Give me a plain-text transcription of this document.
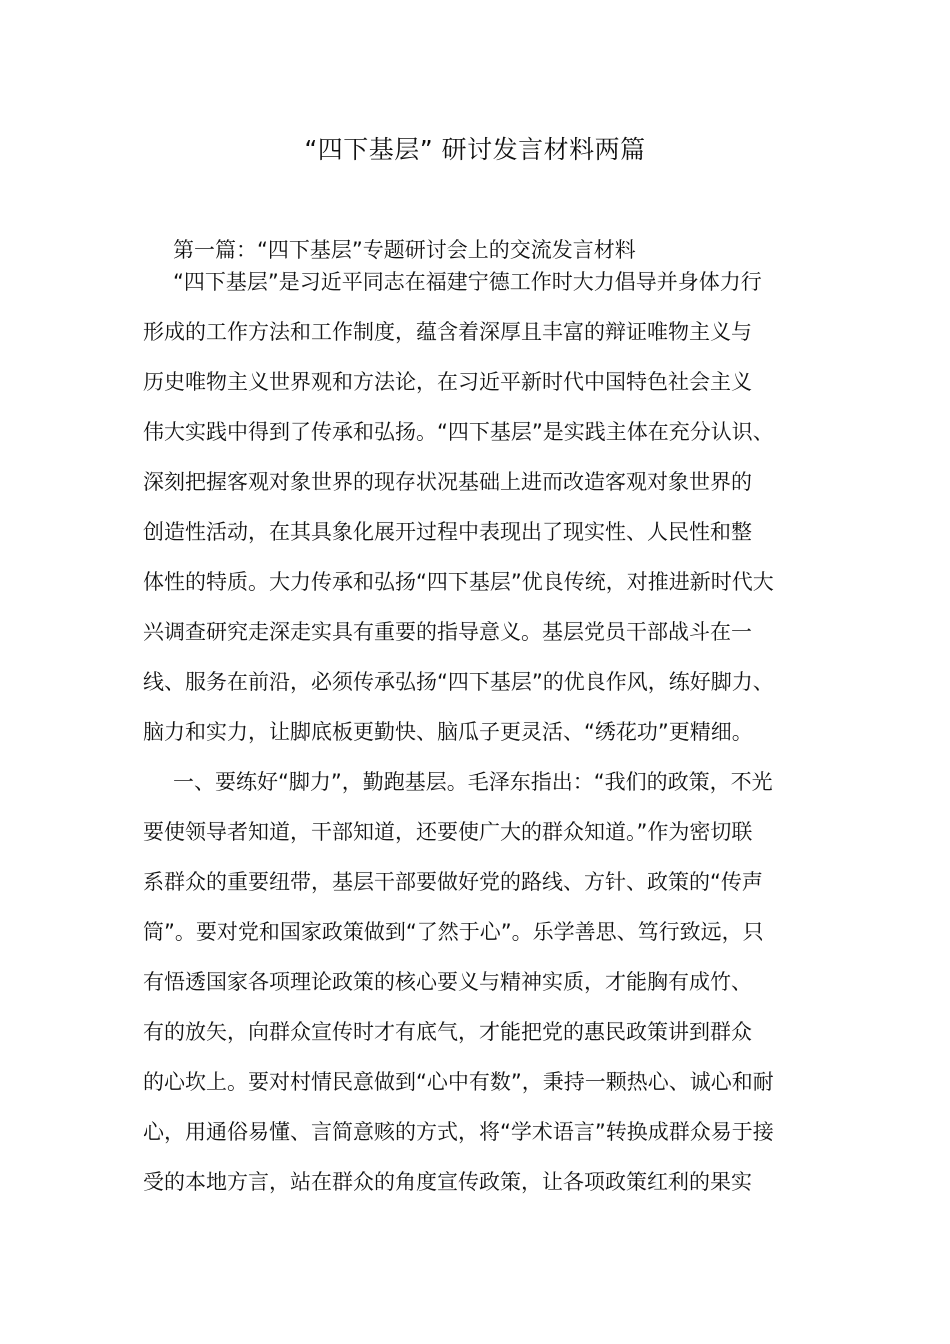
“四下基层” 研讨发言材料两篇
第一篇：“四下基层”专题研讨会上的交流发言材料
“四下基层”是习近平同志在福建宁德工作时大力倡导并身体力行
形成的工作方法和工作制度，蕴含着深厚且丰富的辩证唯物主义与
历史唯物主义世界观和方法论，在习近平新时代中国特色社会主义
伟大实践中得到了传承和弘扬。“四下基层”是实践主体在充分认识、
深刻把握客观对象世界的现存状况基础上进而改造客观对象世界的
创造性活动，在其具象化展开过程中表现出了现实性、人民性和整
体性的特质。大力传承和弘扬“四下基层”优良传统，对推进新时代大
兴调查研究走深走实具有重要的指导意义。基层党员干部战斗在一
线、服务在前沿，必须传承弘扬“四下基层”的优良作风，练好脚力、
脑力和实力，让脚底板更勤快、脑瓜子更灵活、“绣花功”更精细。
一、要练好“脚力”，勤跑基层。毛泽东指出：“我们的政策，不光
要使领导者知道，干部知道，还要使广大的群众知道。”作为密切联
系群众的重要纽带，基层干部要做好党的路线、方针、政策的“传声
筒”。要对党和国家政策做到“了然于心”。乐学善思、笃行致远，只
有悟透国家各项理论政策的核心要义与精神实质，才能胸有成竹、
有的放矢，向群众宣传时才有底气，才能把党的惠民政策讲到群众
的心坎上。要对村情民意做到“心中有数”，秉持一颗热心、诚心和耐
心，用通俗易懂、言简意赅的方式，将“学术语言”转换成群众易于接
受的本地方言，站在群众的角度宣传政策，让各项政策红利的果实
